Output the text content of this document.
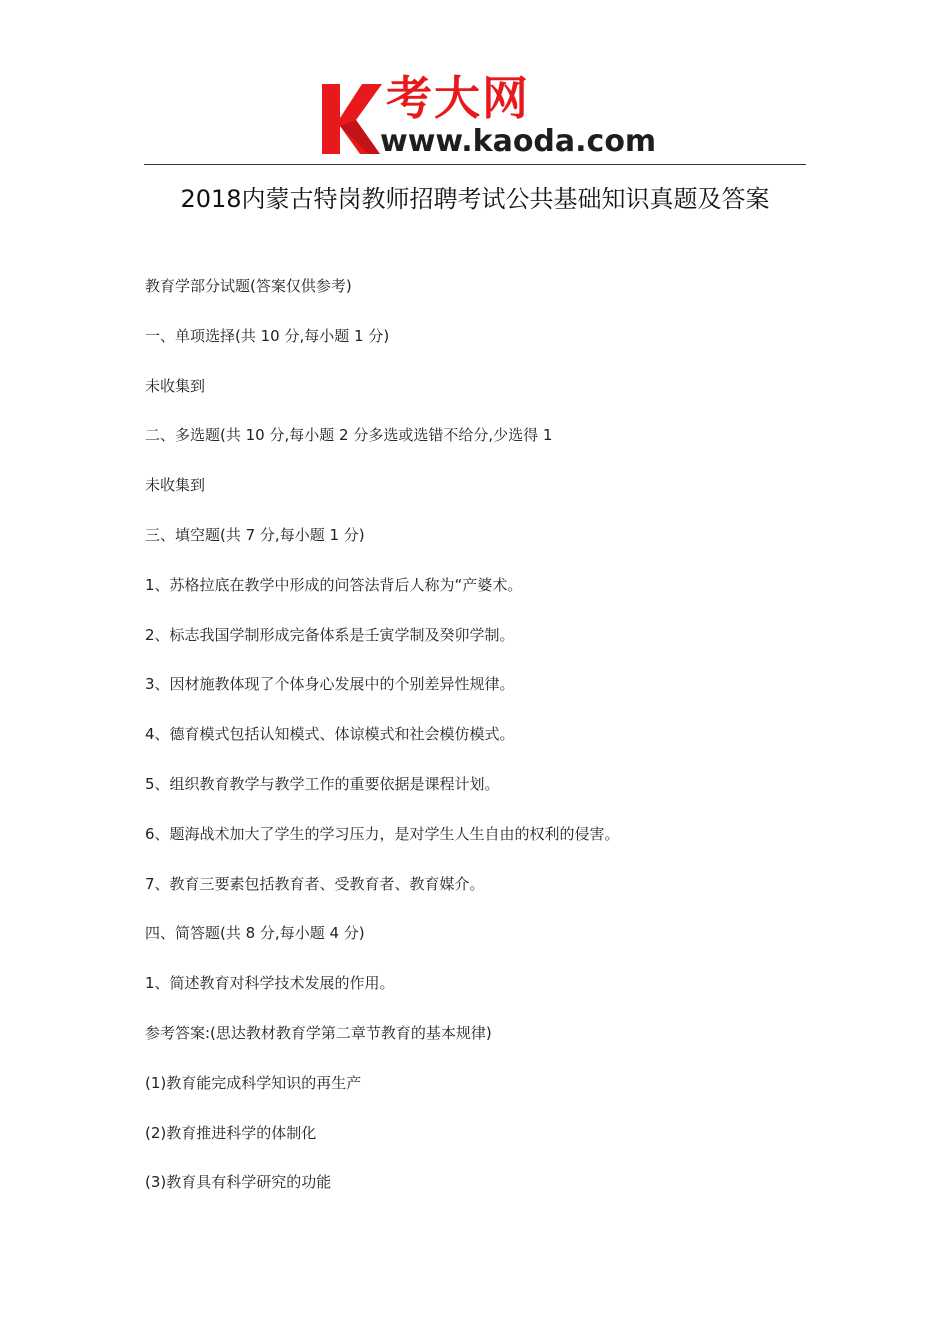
考大网
www.kaoda.com
2018内蒙古特岗教师招聘考试公共基础知识真题及答案

教育学部分试题(答案仅供参考)

一、单项选择(共 10 分,每小题 1 分)

未收集到

二、多选题(共 10 分,每小题 2 分多选或选错不给分,少选得 1

未收集到

三、填空题(共 7 分,每小题 1 分)

1、苏格拉底在教学中形成的问答法背后人称为“产婆术。

2、标志我国学制形成完备体系是壬寅学制及癸卯学制。

3、因材施教体现了个体身心发展中的个别差异性规律。

4、德育模式包括认知模式、体谅模式和社会模仿模式。

5、组织教育教学与教学工作的重要依据是课程计划。

6、题海战术加大了学生的学习压力，是对学生人生自由的权利的侵害。

7、教育三要素包括教育者、受教育者、教育媒介。

四、简答题(共 8 分,每小题 4 分)

1、简述教育对科学技术发展的作用。

参考答案:(思达教材教育学第二章节教育的基本规律)

(1)教育能完成科学知识的再生产

(2)教育推进科学的体制化

(3)教育具有科学研究的功能
